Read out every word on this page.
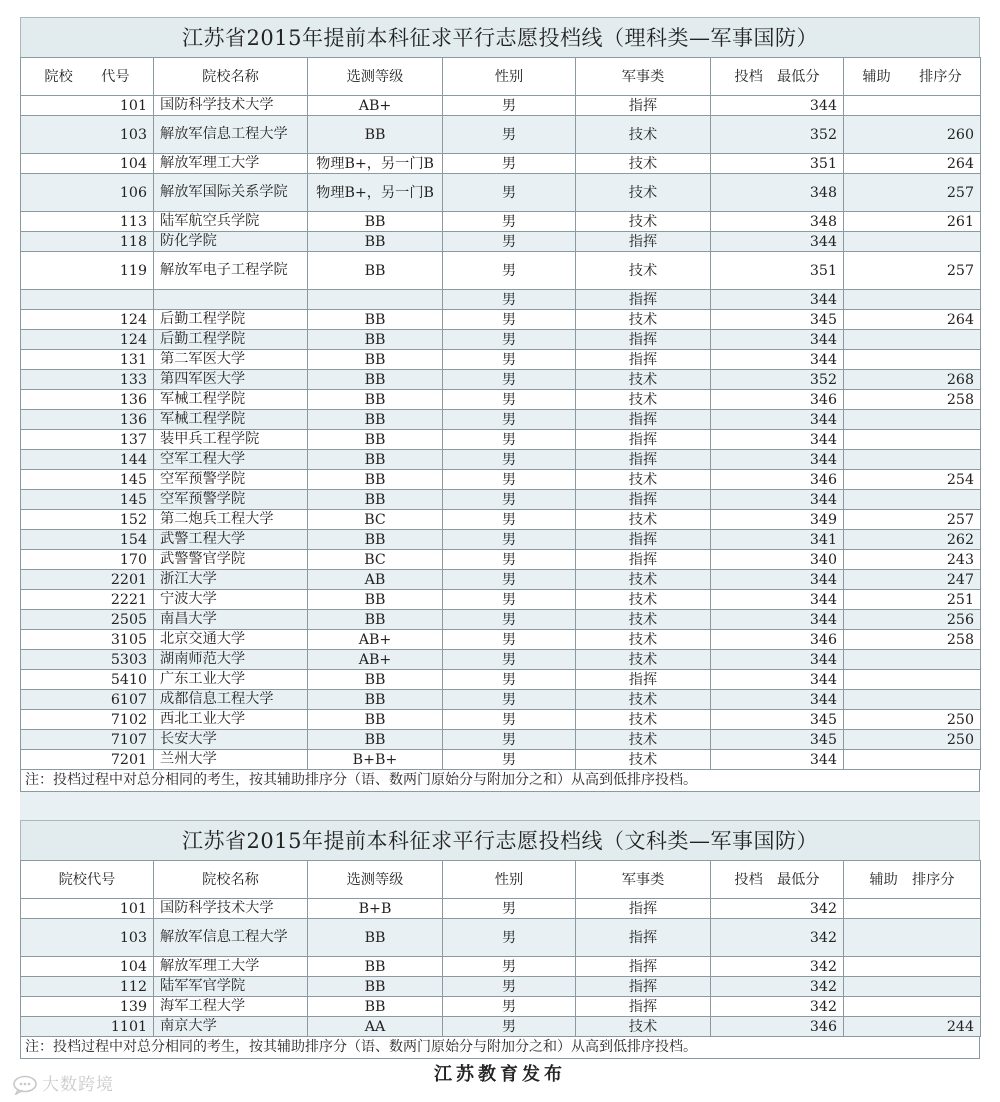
江苏省2015年提前本科征求平行志愿投档线（理科类—军事国防）
院校　　代号	院校名称	选测等级	性别	军事类	投档　最低分	辅助　　排序分
101	国防科学技术大学	AB+	男	指挥	344	
103	解放军信息工程大学	BB	男	技术	352	260
104	解放军理工大学	物理B+，另一门B	男	技术	351	264
106	解放军国际关系学院	物理B+，另一门B	男	技术	348	257
113	陆军航空兵学院	BB	男	技术	348	261
118	防化学院	BB	男	指挥	344	
119	解放军电子工程学院	BB	男	技术	351	257
			男	指挥	344	
124	后勤工程学院	BB	男	技术	345	264
124	后勤工程学院	BB	男	指挥	344	
131	第二军医大学	BB	男	指挥	344	
133	第四军医大学	BB	男	技术	352	268
136	军械工程学院	BB	男	技术	346	258
136	军械工程学院	BB	男	指挥	344	
137	装甲兵工程学院	BB	男	指挥	344	
144	空军工程大学	BB	男	指挥	344	
145	空军预警学院	BB	男	技术	346	254
145	空军预警学院	BB	男	指挥	344	
152	第二炮兵工程大学	BC	男	技术	349	257
154	武警工程大学	BB	男	指挥	341	262
170	武警警官学院	BC	男	指挥	340	243
2201	浙江大学	AB	男	技术	344	247
2221	宁波大学	BB	男	技术	344	251
2505	南昌大学	BB	男	技术	344	256
3105	北京交通大学	AB+	男	技术	346	258
5303	湖南师范大学	AB+	男	技术	344	
5410	广东工业大学	BB	男	指挥	344	
6107	成都信息工程大学	BB	男	技术	344	
7102	西北工业大学	BB	男	技术	345	250
7107	长安大学	BB	男	技术	345	250
7201	兰州大学	B+B+	男	技术	344	
注：投档过程中对总分相同的考生，按其辅助排序分（语、数两门原始分与附加分之和）从高到低排序投档。
江苏省2015年提前本科征求平行志愿投档线（文科类—军事国防）
院校代号	院校名称	选测等级	性别	军事类	投档　最低分	辅助　排序分
101	国防科学技术大学	B+B	男	指挥	342	
103	解放军信息工程大学	BB	男	指挥	342	
104	解放军理工大学	BB	男	指挥	342	
112	陆军军官学院	BB	男	指挥	342	
139	海军工程大学	BB	男	指挥	342	
1101	南京大学	AA	男	技术	346	244
注：投档过程中对总分相同的考生，按其辅助排序分（语、数两门原始分与附加分之和）从高到低排序投档。
江苏教育发布
大数跨境
